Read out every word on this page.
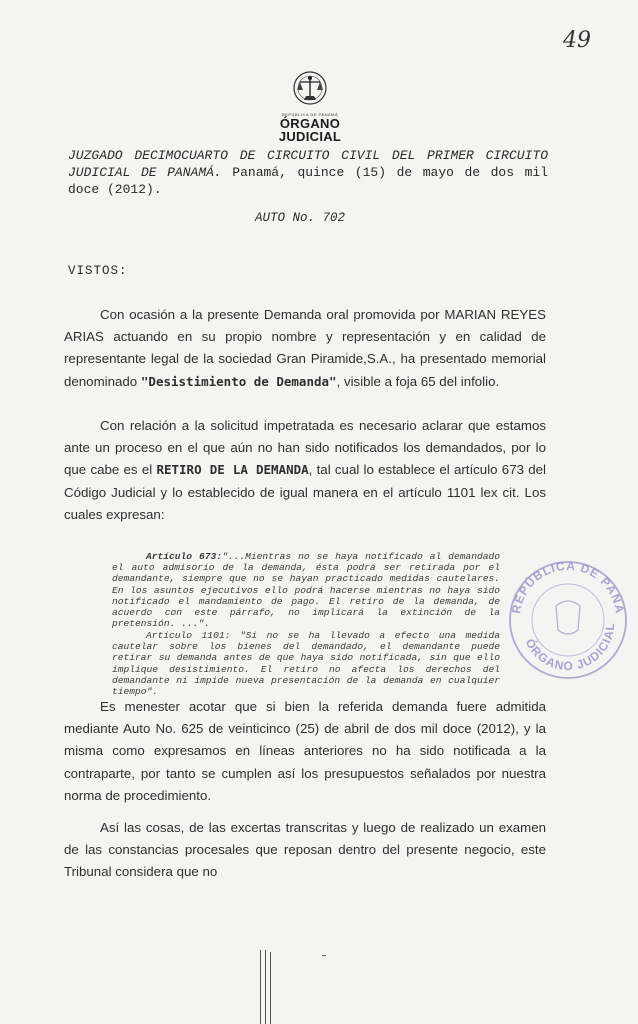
49
REPÚBLICA DE PANAMÁ
ÓRGANO
JUDICIAL
JUZGADO DECIMOCUARTO DE CIRCUITO CIVIL DEL PRIMER CIRCUITO JUDICIAL DE PANAMÁ. Panamá, quince (15) de mayo de dos mil doce (2012).
AUTO No. 702
VISTOS:
Con ocasión a la presente Demanda oral promovida por MARIAN REYES ARIAS actuando en su propio nombre y representación y en calidad de representante legal de la sociedad Gran Piramide,S.A., ha presentado memorial denominado "Desistimiento de Demanda", visible a foja 65 del infolio.
Con relación a la solicitud impetratada es necesario aclarar que estamos ante un proceso en el que aún no han sido notificados los demandados, por lo que cabe es el RETIRO DE LA DEMANDA, tal cual lo establece el artículo 673 del Código Judicial y lo establecido de igual manera en el artículo 1101 lex cit. Los cuales expresan:
Artículo 673:"...Mientras no se haya notificado al demandado el auto admisorio de la demanda, ésta podrá ser retirada por el demandante, siempre que no se hayan practicado medidas cautelares. En los asuntos ejecutivos ello podrá hacerse mientras no haya sido notificado el mandamiento de pago. El retiro de la demanda, de acuerdo con este párrafo, no implicará la extinción de la pretensión. ...".
Artículo 1101: "Si no se ha llevado a efecto una medida cautelar sobre los bienes del demandado, el demandante puede retirar su demanda antes de que haya sido notificada, sin que ello implique desistimiento. El retiro no afecta los derechos del demandante ni impide nueva presentación de la demanda en cualquier tiempo".
REPÚBLICA DE PANA
ÓRGANO JUDICIAL
Es menester acotar que si bien la referida demanda fuere admitida mediante Auto No. 625 de veinticinco (25) de abril de dos mil doce (2012), y la misma como expresamos en líneas anteriores no ha sido notificada a la contraparte, por tanto se cumplen así los presupuestos señalados por nuestra norma de procedimiento.
Así las cosas, de las excertas transcritas y luego de realizado un examen de las constancias procesales que reposan dentro del presente negocio, este Tribunal considera que no
